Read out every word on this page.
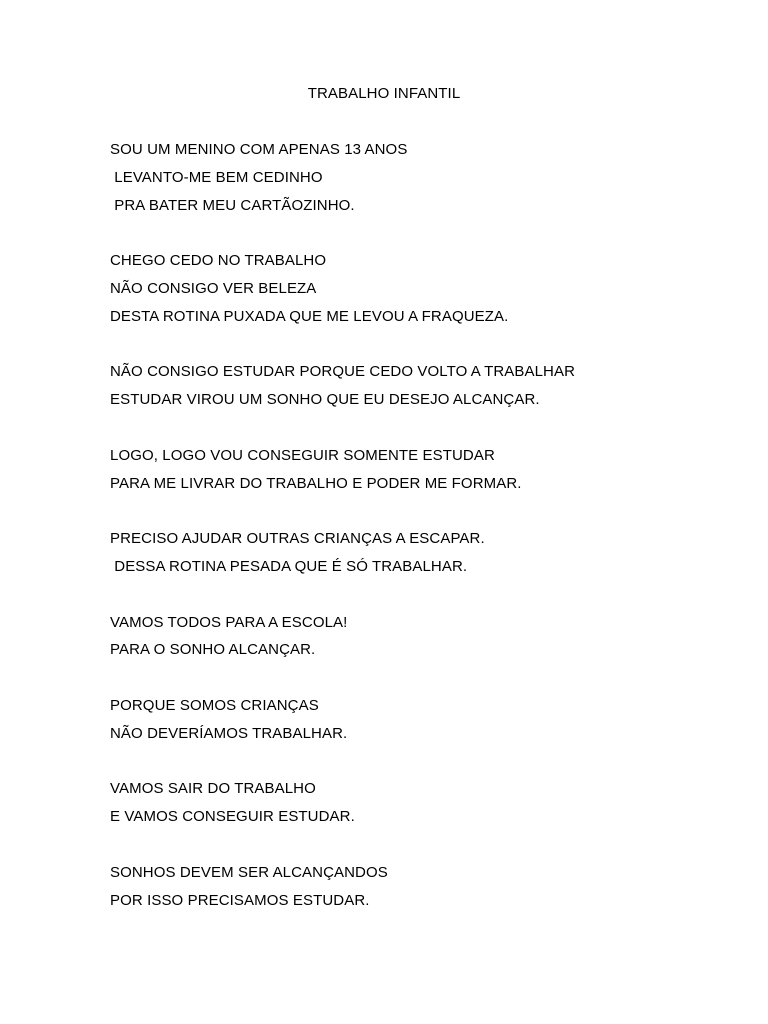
TRABALHO INFANTIL
SOU UM MENINO COM APENAS 13 ANOS
LEVANTO-ME BEM CEDINHO
PRA BATER MEU CARTÃOZINHO.
CHEGO CEDO NO TRABALHO
NÃO CONSIGO VER BELEZA
DESTA ROTINA PUXADA QUE ME LEVOU A FRAQUEZA.
NÃO CONSIGO ESTUDAR PORQUE CEDO VOLTO A TRABALHAR
ESTUDAR VIROU UM SONHO QUE EU DESEJO ALCANÇAR.
LOGO, LOGO VOU CONSEGUIR SOMENTE ESTUDAR
PARA ME LIVRAR DO TRABALHO E PODER ME FORMAR.
PRECISO AJUDAR OUTRAS CRIANÇAS A ESCAPAR.
DESSA ROTINA PESADA QUE É SÓ TRABALHAR.
VAMOS TODOS PARA A ESCOLA!
PARA O SONHO ALCANÇAR.
PORQUE SOMOS CRIANÇAS
NÃO DEVERÍAMOS TRABALHAR.
VAMOS SAIR DO TRABALHO
E VAMOS CONSEGUIR ESTUDAR.
SONHOS DEVEM SER ALCANÇANDOS
POR ISSO PRECISAMOS ESTUDAR.
